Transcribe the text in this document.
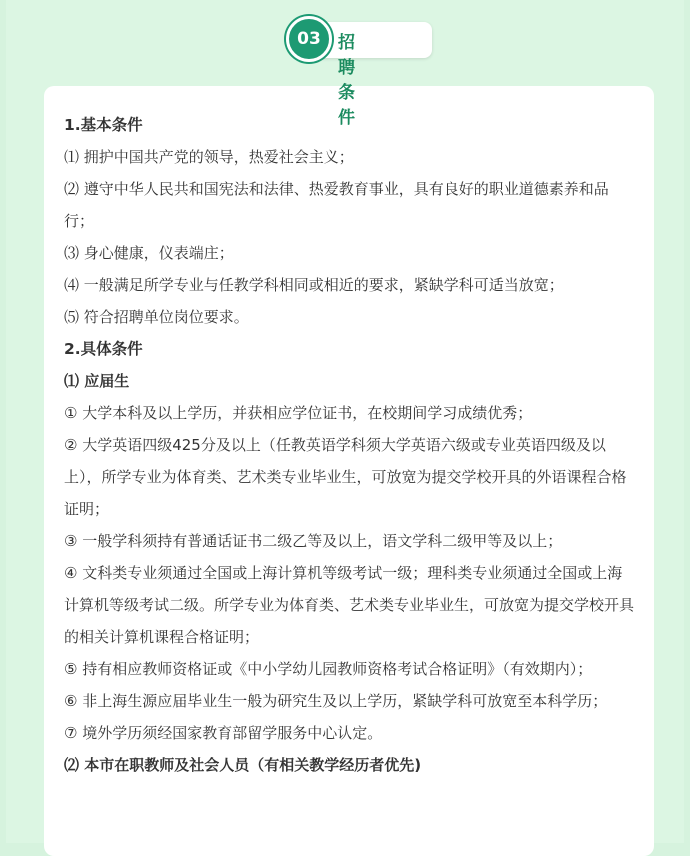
03 招聘条件

1.基本条件

⑴ 拥护中国共产党的领导，热爱社会主义；

⑵ 遵守中华人民共和国宪法和法律、热爱教育事业，具有良好的职业道德素养和品行；

⑶ 身心健康，仪表端庄；

⑷ 一般满足所学专业与任教学科相同或相近的要求，紧缺学科可适当放宽；

⑸ 符合招聘单位岗位要求。

2.具体条件

⑴ 应届生

① 大学本科及以上学历，并获相应学位证书，在校期间学习成绩优秀；

② 大学英语四级425分及以上（任教英语学科须大学英语六级或专业英语四级及以上），所学专业为体育类、艺术类专业毕业生，可放宽为提交学校开具的外语课程合格证明；

③ 一般学科须持有普通话证书二级乙等及以上，语文学科二级甲等及以上；

④ 文科类专业须通过全国或上海计算机等级考试一级；理科类专业须通过全国或上海计算机等级考试二级。所学专业为体育类、艺术类专业毕业生，可放宽为提交学校开具的相关计算机课程合格证明；

⑤ 持有相应教师资格证或《中小学幼儿园教师资格考试合格证明》（有效期内）；

⑥ 非上海生源应届毕业生一般为研究生及以上学历，紧缺学科可放宽至本科学历；

⑦ 境外学历须经国家教育部留学服务中心认定。

⑵ 本市在职教师及社会人员（有相关教学经历者优先)
